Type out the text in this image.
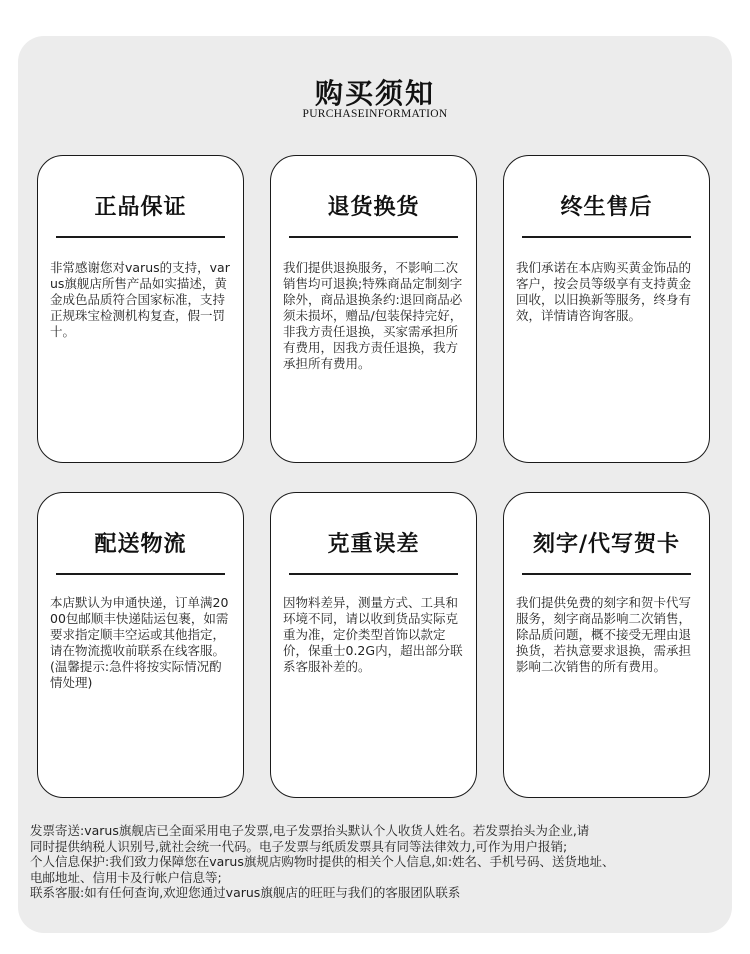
购买须知
PURCHASEINFORMATION
正品保证
非常感谢您对varus的支持，varus旗舰店所售产品如实描述，黄金成色品质符合国家标准，支持正规珠宝检测机构复查，假一罚十。
退货换货
我们提供退换服务，不影响二次销售均可退换;特殊商品定制刻字除外，商品退换条约:退回商品必须未损坏，赠品/包装保持完好，非我方责任退换，买家需承担所有费用，因我方责任退换，我方承担所有费用。
终生售后
我们承诺在本店购买黄金饰品的客户，按会员等级享有支持黄金回收，以旧换新等服务，终身有效，详情请咨询客服。
配送物流
本店默认为申通快递，订单满2000包邮顺丰快递陆运包裹，如需要求指定顺丰空运或其他指定，请在物流揽收前联系在线客服。(温馨提示:急件将按实际情况酌情处理)
克重误差
因物料差异，测量方式、工具和环境不同，请以收到货品实际克重为准，定价类型首饰以款定价，保重士0.2G内，超出部分联系客服补差的。
刻字/代写贺卡
我们提供免费的刻字和贺卡代写服务，刻字商品影响二次销售，除品质问题，概不接受无理由退换货，若执意要求退换，需承担影响二次销售的所有费用。
发票寄送:varus旗舰店已全面采用电子发票,电子发票抬头默认个人收货人姓名。若发票抬头为企业,请
同时提供纳税人识别号,就社会统一代码。电子发票与纸质发票具有同等法律效力,可作为用户报销;
个人信息保护:我们致力保障您在varus旗规店购物时提供的相关个人信息,如:姓名、手机号码、送货地址、
电邮地址、信用卡及行帐户信息等;
联系客服:如有任何查询,欢迎您通过varus旗舰店的旺旺与我们的客服团队联系
